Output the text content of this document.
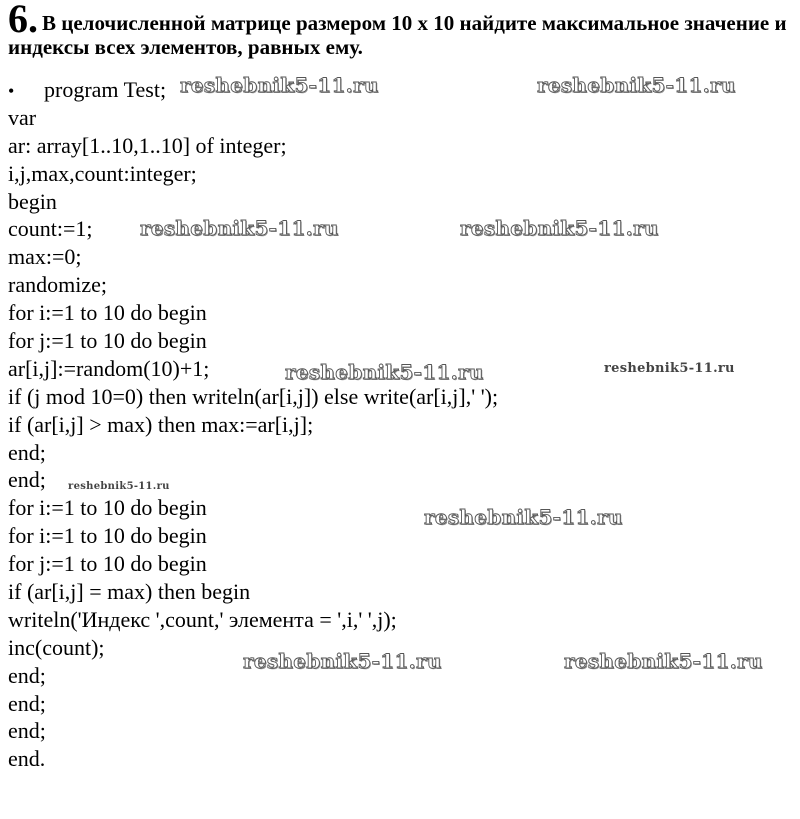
6. В целочисленной матрице размером 10 х 10 найдите максимальное значение и индексы всех элементов, равных ему.
• program Test;
var
ar: array[1..10,1..10] of integer;
i,j,max,count:integer;
begin
count:=1;
max:=0;
randomize;
for i:=1 to 10 do begin
for j:=1 to 10 do begin
ar[i,j]:=random(10)+1;
if (j mod 10=0) then writeln(ar[i,j]) else write(ar[i,j],' ');
if (ar[i,j] > max) then max:=ar[i,j];
end;
end;
for i:=1 to 10 do begin
for i:=1 to 10 do begin
for j:=1 to 10 do begin
if (ar[i,j] = max) then begin
writeln('Индекс ',count,' элемента = ',i,' ',j);
inc(count);
end;
end;
end;
end.
reshebnik5-11.ru	reshebnik5-11.ru
reshebnik5-11.ru	reshebnik5-11.ru
reshebnik5-11.ru	reshebnik5-11.ru
reshebnik5-11.ru
reshebnik5-11.ru
reshebnik5-11.ru	reshebnik5-11.ru
